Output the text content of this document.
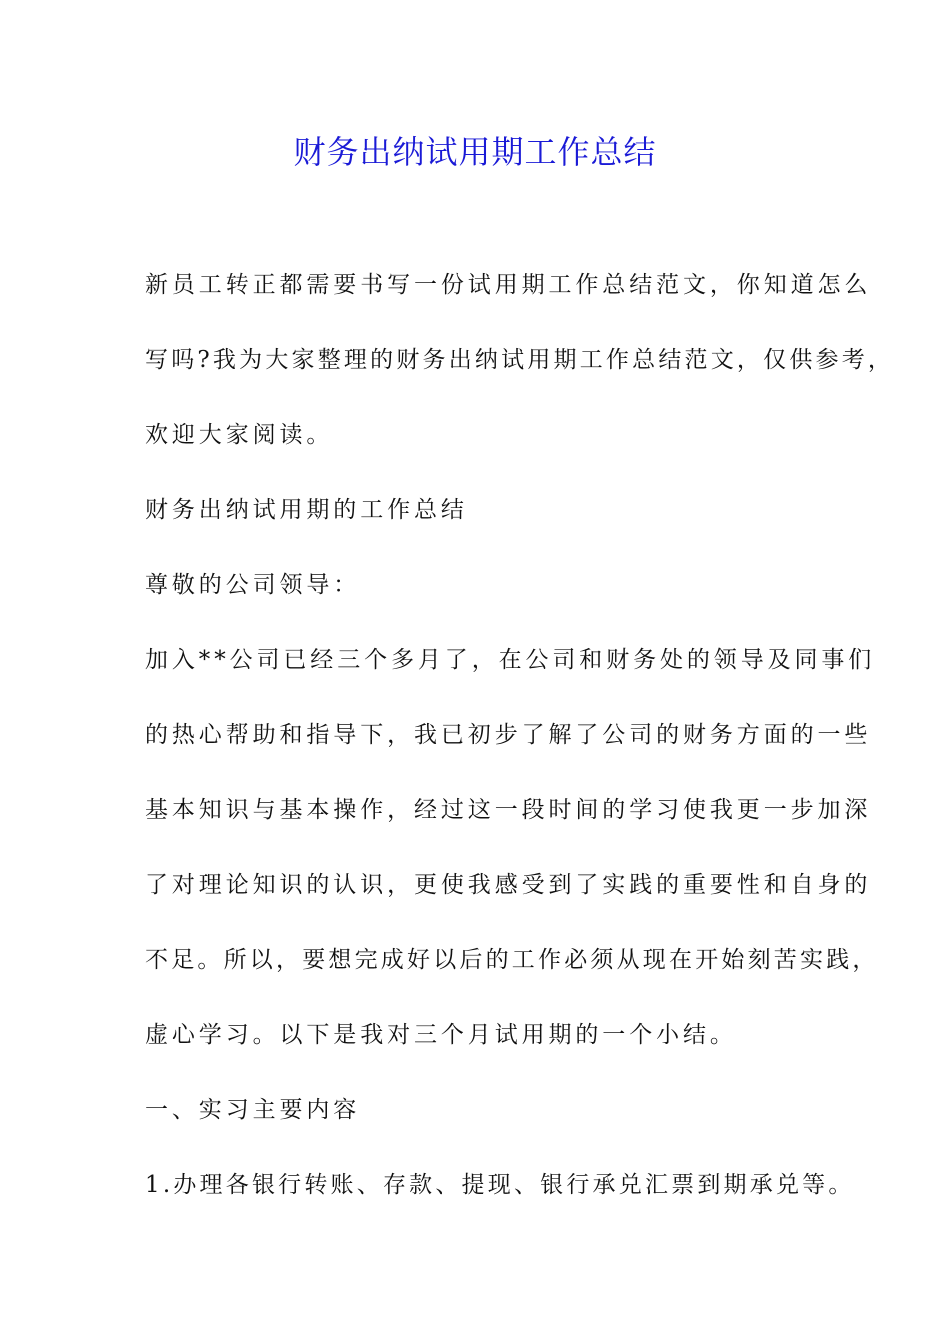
财务出纳试用期工作总结

新员工转正都需要书写一份试用期工作总结范文，你知道怎么

写吗?我为大家整理的财务出纳试用期工作总结范文，仅供参考，

欢迎大家阅读。

财务出纳试用期的工作总结

尊敬的公司领导：

加入**公司已经三个多月了，在公司和财务处的领导及同事们

的热心帮助和指导下，我已初步了解了公司的财务方面的一些

基本知识与基本操作，经过这一段时间的学习使我更一步加深

了对理论知识的认识，更使我感受到了实践的重要性和自身的

不足。所以，要想完成好以后的工作必须从现在开始刻苦实践，

虚心学习。以下是我对三个月试用期的一个小结。

一、实习主要内容

1.办理各银行转账、存款、提现、银行承兑汇票到期承兑等。
